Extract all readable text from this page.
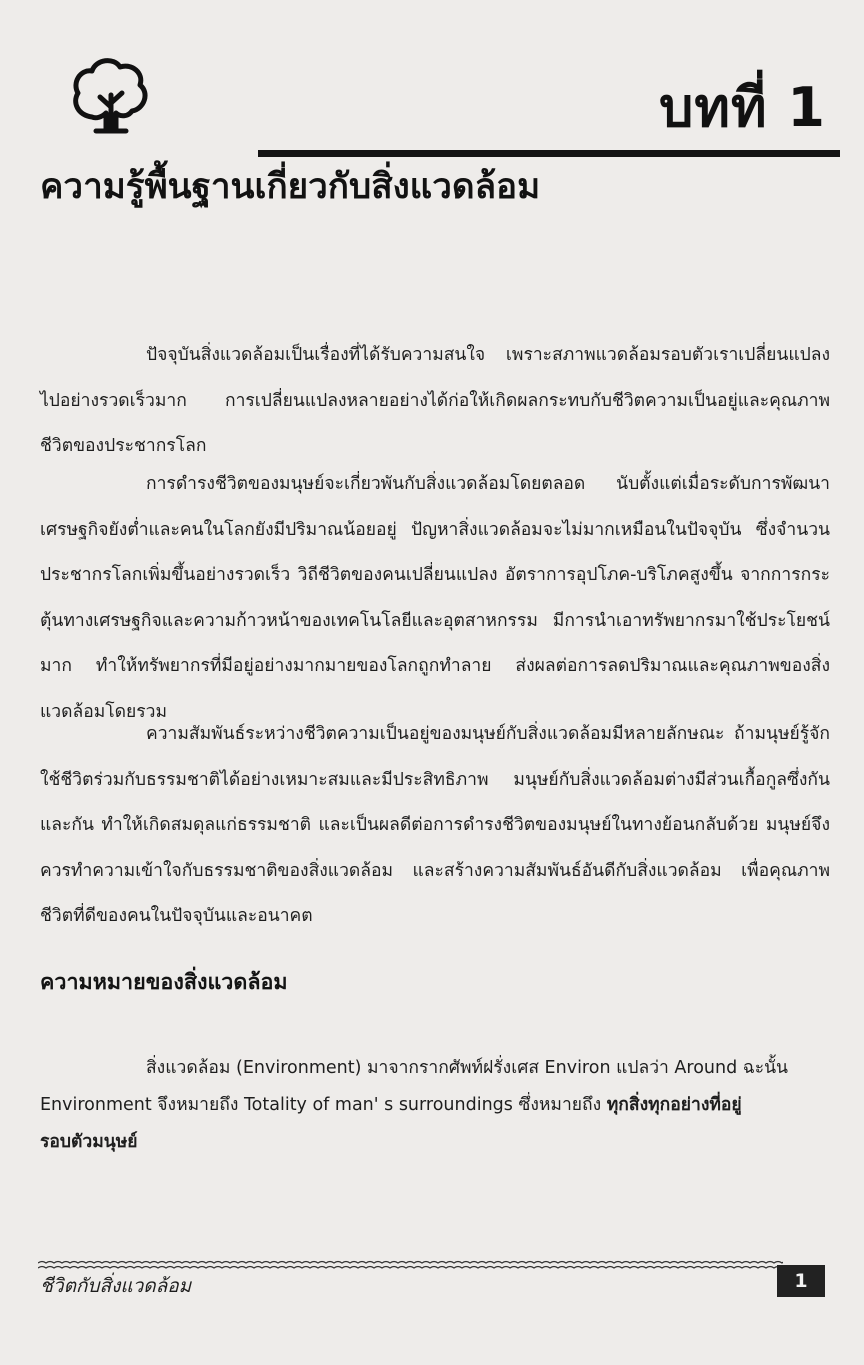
บทที่ 1
ความรู้พื้นฐานเกี่ยวกับสิ่งแวดล้อม

ปัจจุบันสิ่งแวดล้อมเป็นเรื่องที่ได้รับความสนใจ เพราะสภาพแวดล้อมรอบตัวเราเปลี่ยนแปลงไปอย่างรวดเร็วมาก การเปลี่ยนแปลงหลายอย่างได้ก่อให้เกิดผลกระทบกับชีวิตความเป็นอยู่และคุณภาพชีวิตของประชากรโลก

การดำรงชีวิตของมนุษย์จะเกี่ยวพันกับสิ่งแวดล้อมโดยตลอด นับตั้งแต่เมื่อระดับการพัฒนาเศรษฐกิจยังต่ำและคนในโลกยังมีปริมาณน้อยอยู่ ปัญหาสิ่งแวดล้อมจะไม่มากเหมือนในปัจจุบัน ซึ่งจำนวนประชากรโลกเพิ่มขึ้นอย่างรวดเร็ว วิถีชีวิตของคนเปลี่ยนแปลง อัตราการอุปโภค-บริโภคสูงขึ้น จากการกระตุ้นทางเศรษฐกิจและความก้าวหน้าของเทคโนโลยีและอุตสาหกรรม มีการนำเอาทรัพยากรมาใช้ประโยชน์มาก ทำให้ทรัพยากรที่มีอยู่อย่างมากมายของโลกถูกทำลาย ส่งผลต่อการลดปริมาณและคุณภาพของสิ่งแวดล้อมโดยรวม

ความสัมพันธ์ระหว่างชีวิตความเป็นอยู่ของมนุษย์กับสิ่งแวดล้อมมีหลายลักษณะ ถ้ามนุษย์รู้จักใช้ชีวิตร่วมกับธรรมชาติได้อย่างเหมาะสมและมีประสิทธิภาพ มนุษย์กับสิ่งแวดล้อมต่างมีส่วนเกื้อกูลซึ่งกันและกัน ทำให้เกิดสมดุลแก่ธรรมชาติ และเป็นผลดีต่อการดำรงชีวิตของมนุษย์ในทางย้อนกลับด้วย มนุษย์จึงควรทำความเข้าใจกับธรรมชาติของสิ่งแวดล้อม และสร้างความสัมพันธ์อันดีกับสิ่งแวดล้อม เพื่อคุณภาพชีวิตที่ดีของคนในปัจจุบันและอนาคต

ความหมายของสิ่งแวดล้อม

สิ่งแวดล้อม (Environment) มาจากรากศัพท์ฝรั่งเศส Environ แปลว่า Around ฉะนั้น

Environment จึงหมายถึง Totality of man' s surroundings ซึ่งหมายถึง ทุกสิ่งทุกอย่างที่อยู่

รอบตัวมนุษย์

ชีวิตกับสิ่งแวดล้อม	1
